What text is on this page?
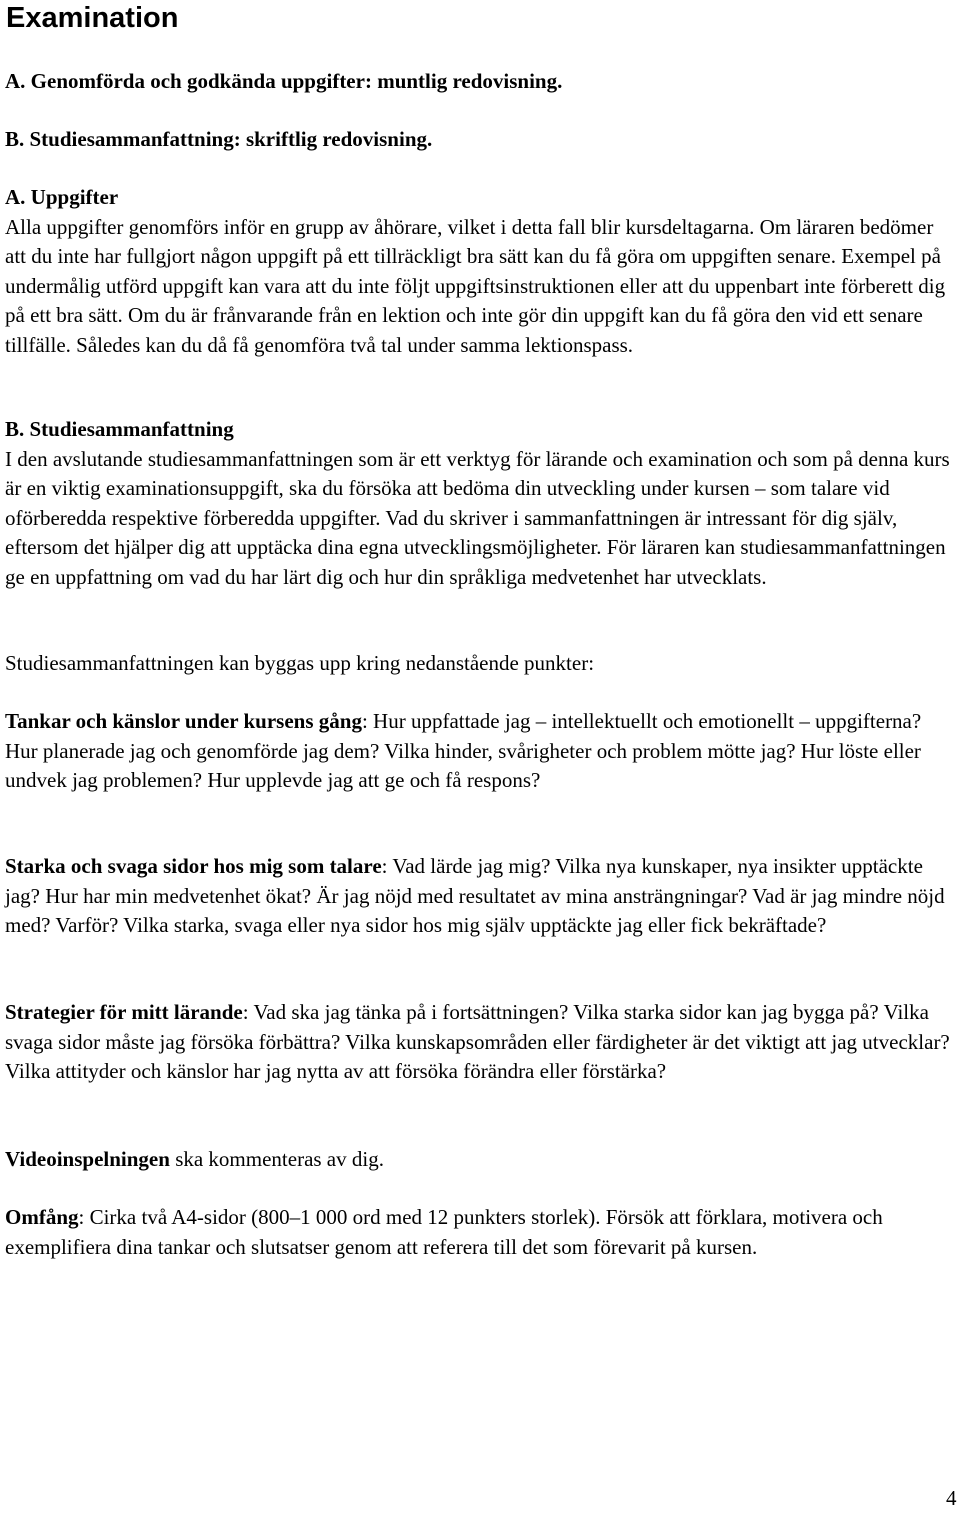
Examination

A. Genomförda och godkända uppgifter: muntlig redovisning.

B. Studiesammanfattning: skriftlig redovisning.

A. Uppgifter
Alla uppgifter genomförs inför en grupp av åhörare, vilket i detta fall blir kursdeltagarna. Om läraren bedömer att du inte har fullgjort någon uppgift på ett tillräckligt bra sätt kan du få göra om uppgiften senare. Exempel på undermålig utförd uppgift kan vara att du inte följt uppgiftsinstruktionen eller att du uppenbart inte förberett dig på ett bra sätt. Om du är frånvarande från en lektion och inte gör din uppgift kan du få göra den vid ett senare tillfälle. Således kan du då få genomföra två tal under samma lektionspass.
B. Studiesammanfattning
I den avslutande studiesammanfattningen som är ett verktyg för lärande och examination och som på denna kurs är en viktig examinationsuppgift, ska du försöka att bedöma din utveckling under kursen – som talare vid oförberedda respektive förberedda uppgifter. Vad du skriver i sammanfattningen är intressant för dig själv, eftersom det hjälper dig att upptäcka dina egna utvecklingsmöjligheter. För läraren kan studiesammanfattningen ge en uppfattning om vad du har lärt dig och hur din språkliga medvetenhet har utvecklats.

Studiesammanfattningen kan byggas upp kring nedanstående punkter:

Tankar och känslor under kursens gång: Hur uppfattade jag – intellektuellt och emotionellt – uppgifterna? Hur planerade jag och genomförde jag dem? Vilka hinder, svårigheter och problem mötte jag? Hur löste eller undvek jag problemen? Hur upplevde jag att ge och få respons?

Starka och svaga sidor hos mig som talare: Vad lärde jag mig? Vilka nya kunskaper, nya insikter upptäckte jag? Hur har min medvetenhet ökat? Är jag nöjd med resultatet av mina ansträngningar? Vad är jag mindre nöjd med? Varför? Vilka starka, svaga eller nya sidor hos mig själv upptäckte jag eller fick bekräftade?

Strategier för mitt lärande: Vad ska jag tänka på i fortsättningen? Vilka starka sidor kan jag bygga på? Vilka svaga sidor måste jag försöka förbättra? Vilka kunskapsområden eller färdigheter är det viktigt att jag utvecklar? Vilka attityder och känslor har jag nytta av att försöka förändra eller förstärka?

Videoinspelningen ska kommenteras av dig.

Omfång: Cirka två A4-sidor (800–1 000 ord med 12 punkters storlek). Försök att förklara, motivera och exemplifiera dina tankar och slutsatser genom att referera till det som förevarit på kursen.

4
